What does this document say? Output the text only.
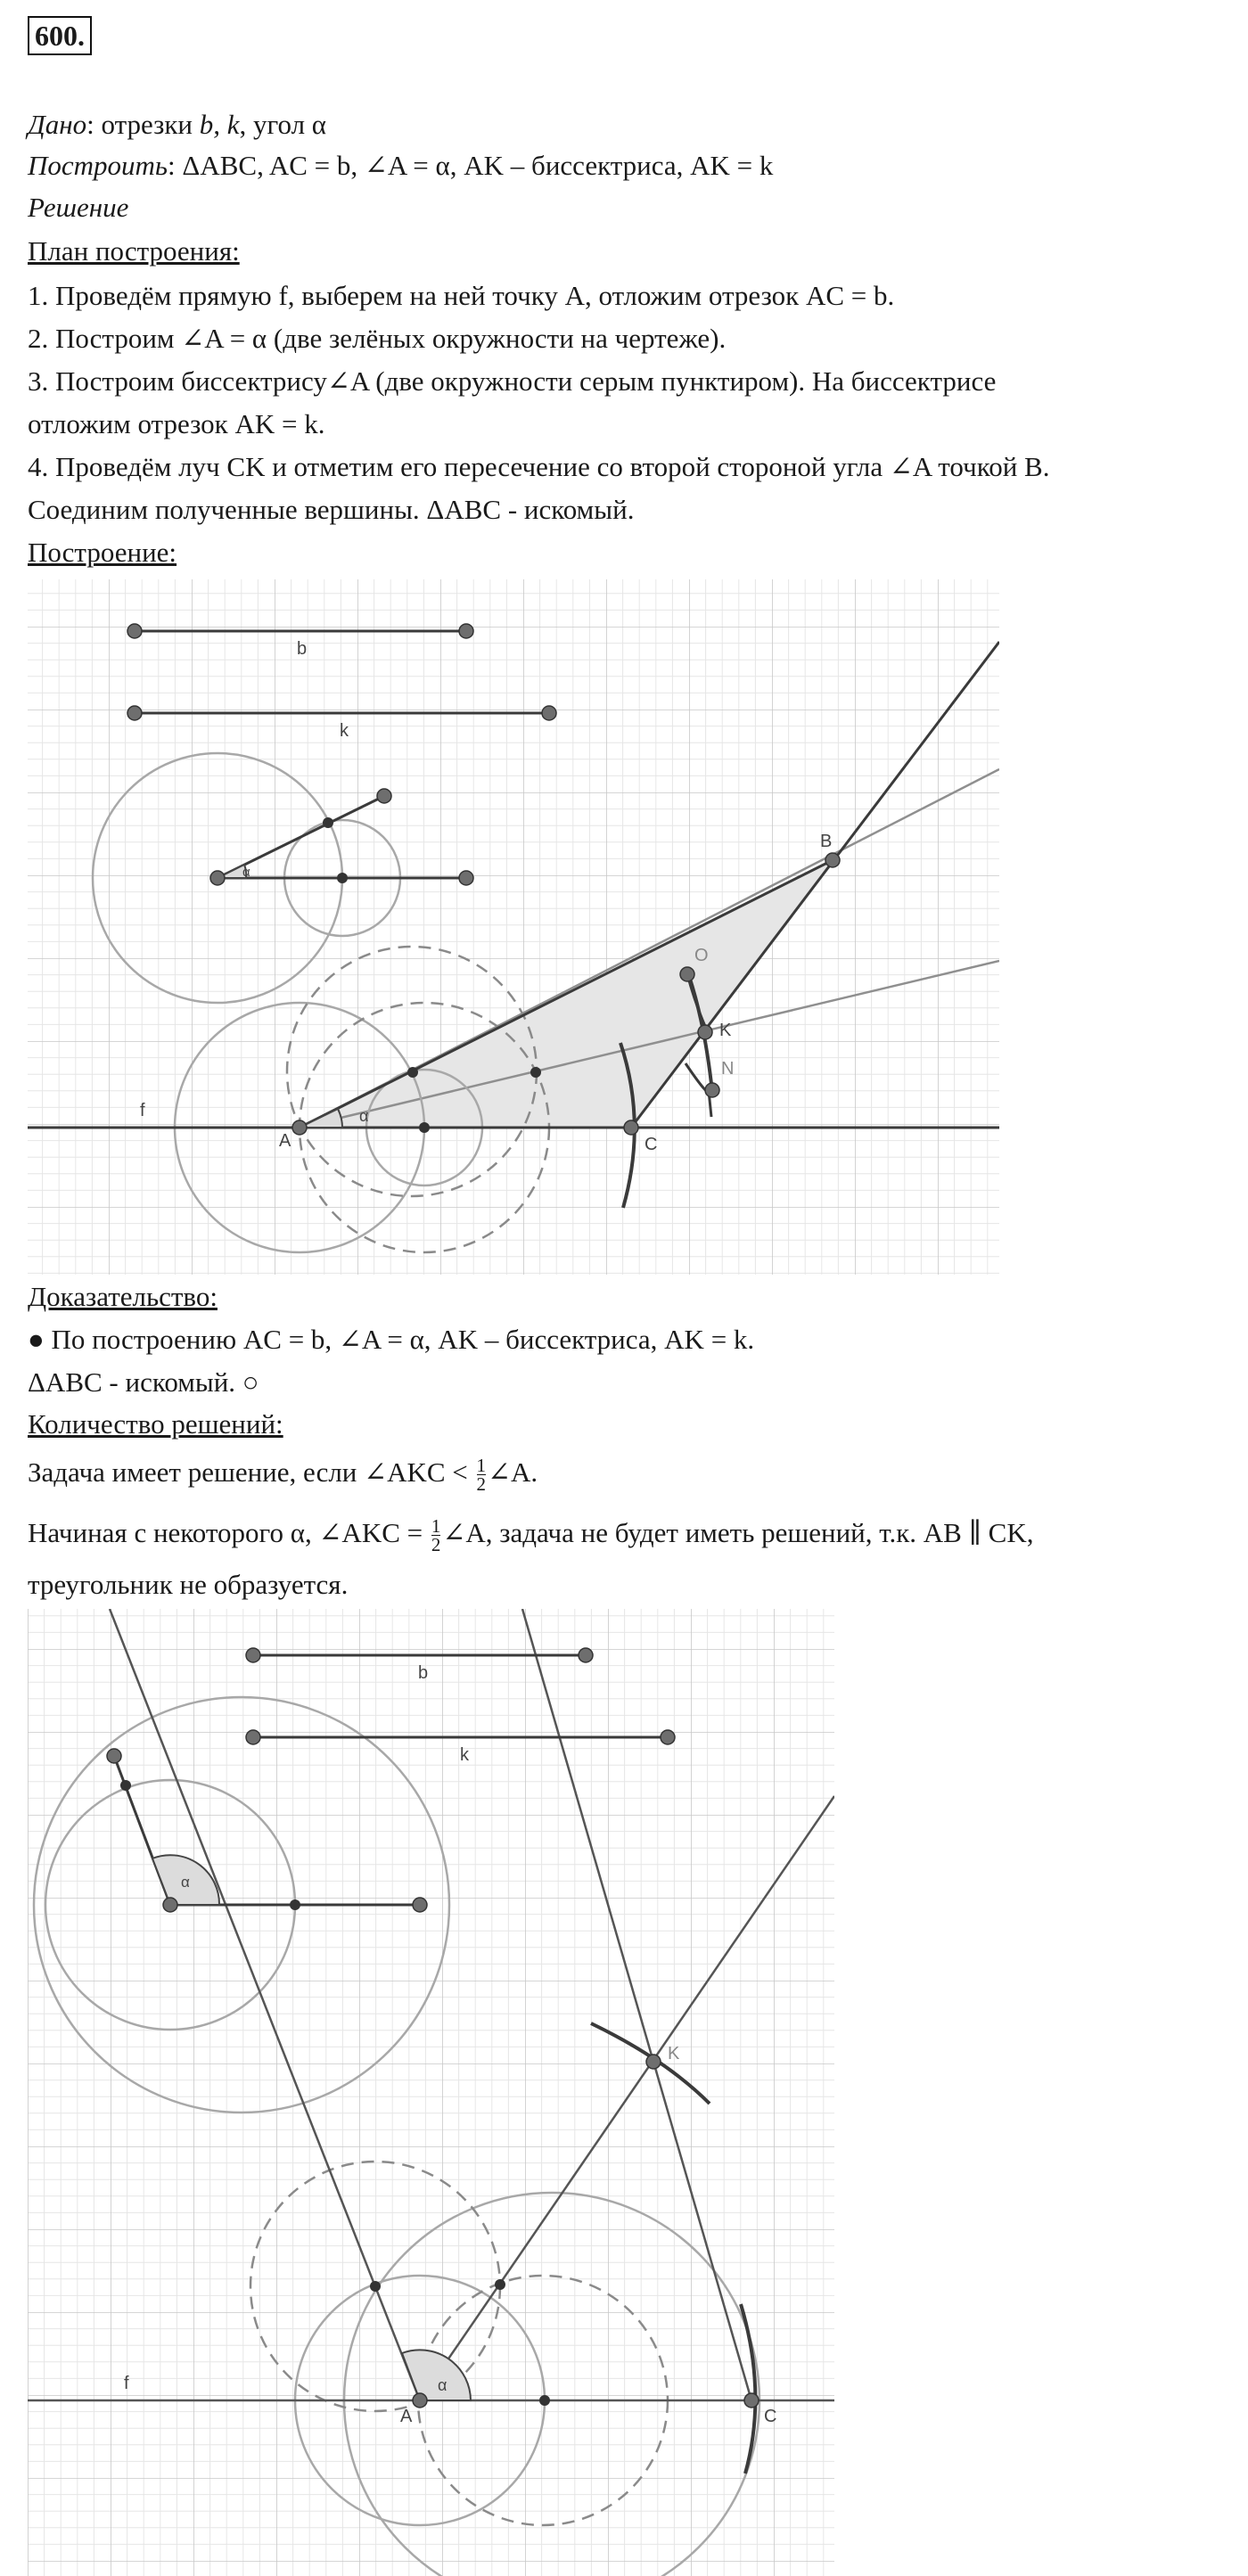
600.
Дано: отрезки b, k, угол α
Построить: ΔABC, AC = b, ∠A = α, AK – биссектриса, AK = k
Решение
План построения:
1. Проведём прямую f, выберем на ней точку A, отложим отрезок AC = b.
2. Построим ∠A = α (две зелёных окружности на чертеже).
3. Построим биссектрису∠A (две окружности серым пунктиром). На биссектрисе
отложим отрезок AK = k.
4. Проведём луч CK и отметим его пересечение со второй стороной угла ∠A точкой B.
Соединим полученные вершины. ΔABC - искомый.
Построение:
b
k
α
α
A
B
C
K
O
N
f
Доказательство:
● По построению AC = b, ∠A = α, AK – биссектриса, AK = k.
ΔABC - искомый. ○
Количество решений:
Задача имеет решение, если ∠AKC < $\frac{1}{2}$ ∠A.
Начиная с некоторого α, ∠AKC = $\frac{1}{2}$ ∠A, задача не будет иметь решений, т.к. AB ∥ CK,
треугольник не образуется.
b
k
α
α
A	C
K
f
